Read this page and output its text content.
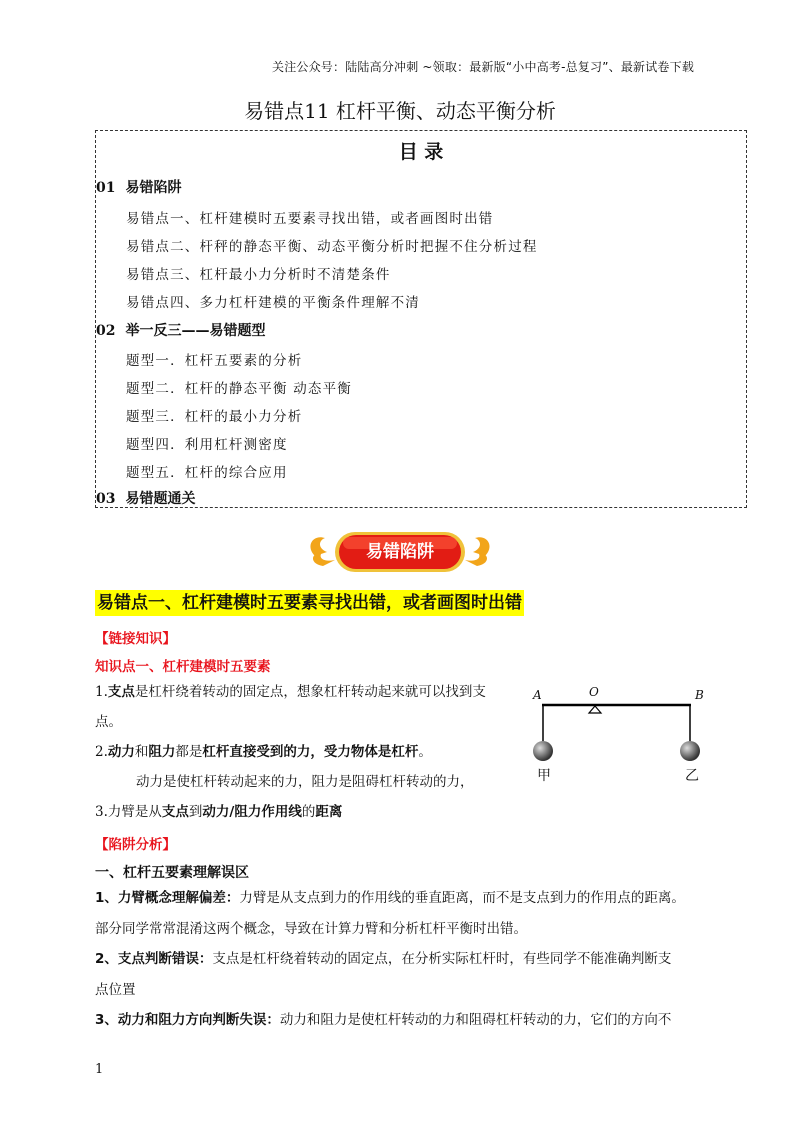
关注公众号：陆陆高分冲刺 ~领取：最新版“小中高考-总复习”、最新试卷下载
易错点11 杠杆平衡、动态平衡分析
目 录
01 易错陷阱
易错点一、杠杆建模时五要素寻找出错，或者画图时出错
易错点二、杆秤的静态平衡、动态平衡分析时把握不住分析过程
易错点三、杠杆最小力分析时不清楚条件
易错点四、多力杠杆建模的平衡条件理解不清
02 举一反三——易错题型
题型一．杠杆五要素的分析
题型二．杠杆的静态平衡 动态平衡
题型三．杠杆的最小力分析
题型四．利用杠杆测密度
题型五．杠杆的综合应用
03 易错题通关
易错陷阱
易错点一、杠杆建模时五要素寻找出错，或者画图时出错
【链接知识】
知识点一、杠杆建模时五要素
1.支点是杠杆绕着转动的固定点，想象杠杆转动起来就可以找到支
点。
2.动力和阻力都是杠杆直接受到的力，受力物体是杠杆。
动力是使杠杆转动起来的力，阻力是阻碍杠杆转动的力，
3.力臂是从支点到动力/阻力作用线的距离
A	O	B
甲	乙
【陷阱分析】
一、杠杆五要素理解误区
1、力臂概念理解偏差：力臂是从支点到力的作用线的垂直距离，而不是支点到力的作用点的距离。
部分同学常常混淆这两个概念，导致在计算力臂和分析杠杆平衡时出错。
2、支点判断错误：支点是杠杆绕着转动的固定点，在分析实际杠杆时，有些同学不能准确判断支
点位置
3、动力和阻力方向判断失误：动力和阻力是使杠杆转动的力和阻碍杠杆转动的力，它们的方向不
1
